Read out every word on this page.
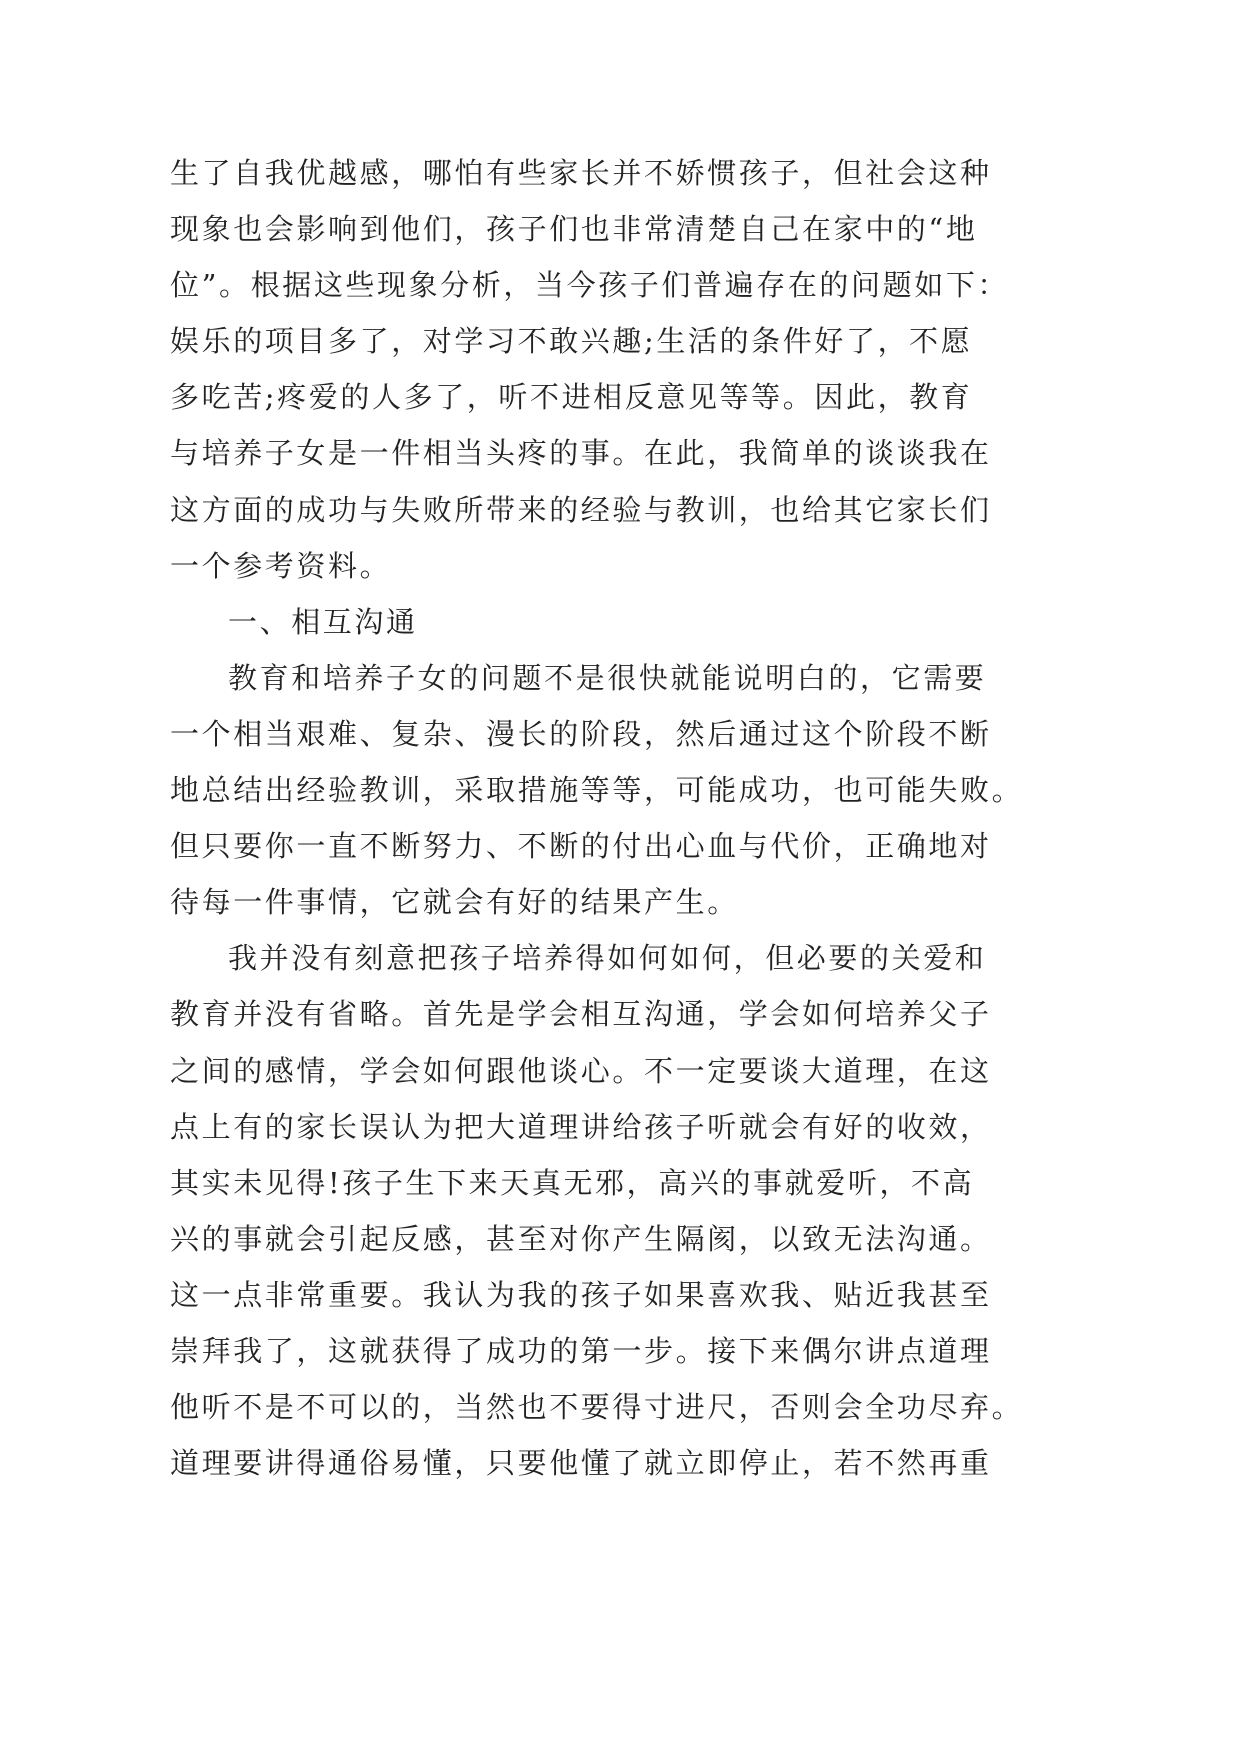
生了自我优越感，哪怕有些家长并不娇惯孩子，但社会这种
现象也会影响到他们，孩子们也非常清楚自己在家中的“地
位”。根据这些现象分析，当今孩子们普遍存在的问题如下：
娱乐的项目多了，对学习不敢兴趣;生活的条件好了，不愿
多吃苦;疼爱的人多了，听不进相反意见等等。因此，教育
与培养子女是一件相当头疼的事。在此，我简单的谈谈我在
这方面的成功与失败所带来的经验与教训，也给其它家长们
一个参考资料。
一、相互沟通
教育和培养子女的问题不是很快就能说明白的，它需要
一个相当艰难、复杂、漫长的阶段，然后通过这个阶段不断
地总结出经验教训，采取措施等等，可能成功，也可能失败。
但只要你一直不断努力、不断的付出心血与代价，正确地对
待每一件事情，它就会有好的结果产生。
我并没有刻意把孩子培养得如何如何，但必要的关爱和
教育并没有省略。首先是学会相互沟通，学会如何培养父子
之间的感情，学会如何跟他谈心。不一定要谈大道理，在这
点上有的家长误认为把大道理讲给孩子听就会有好的收效，
其实未见得!孩子生下来天真无邪，高兴的事就爱听，不高
兴的事就会引起反感，甚至对你产生隔阂，以致无法沟通。
这一点非常重要。我认为我的孩子如果喜欢我、贴近我甚至
崇拜我了，这就获得了成功的第一步。接下来偶尔讲点道理
他听不是不可以的，当然也不要得寸进尺，否则会全功尽弃。
道理要讲得通俗易懂，只要他懂了就立即停止，若不然再重
